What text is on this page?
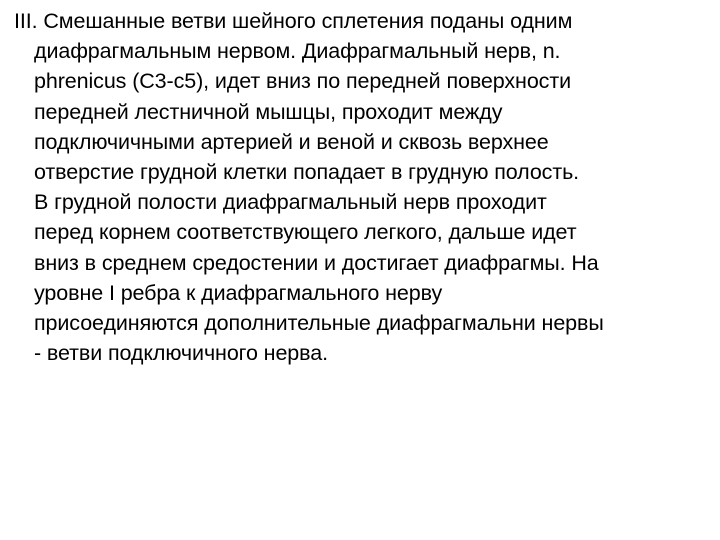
III. Смешанные ветви шейного сплетения поданы одним
диафрагмальным нервом. Диафрагмальный нерв, n.
phrenicus (C3-c5), идет вниз по передней поверхности
передней лестничной мышцы, проходит между
подключичными артерией и веной и сквозь верхнее
отверстие грудной клетки попадает в грудную полость.
В грудной полости диафрагмальный нерв проходит
перед корнем соответствующего легкого, дальше идет
вниз в среднем средостении и достигает диафрагмы. На
уровне I ребра к диафрагмального нерву
присоединяются дополнительные диафрагмальни нервы
- ветви подключичного нерва.
